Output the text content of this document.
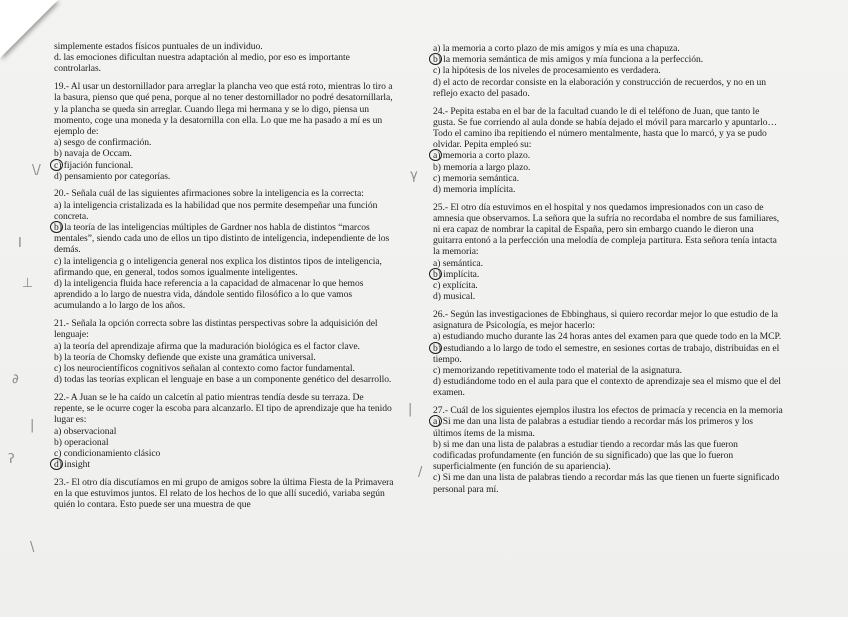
simplemente estados físicos puntuales de un individuo.

d. las emociones dificultan nuestra adaptación al medio, por eso es importante controlarlas.

19.- Al usar un destornillador para arreglar la plancha veo que está roto, mientras lo tiro a la basura, pienso que qué pena, porque al no tener destornillador no podré desatornillarla, y la plancha se queda sin arreglar. Cuando llega mi hermana y se lo digo, piensa un momento, coge una moneda y la desatornilla con ella. Lo que me ha pasado a mí es un ejemplo de:

a) sesgo de confirmación.
b) navaja de Occam.
c) fijación funcional.
d) pensamiento por categorías.

20.- Señala cuál de las siguientes afirmaciones sobre la inteligencia es la correcta:

a) la inteligencia cristalizada es la habilidad que nos permite desempeñar una función concreta.
b) la teoría de las inteligencias múltiples de Gardner nos habla de distintos “marcos mentales”, siendo cada uno de ellos un tipo distinto de inteligencia, independiente de los demás.
c) la inteligencia g o inteligencia general nos explica los distintos tipos de inteligencia, afirmando que, en general, todos somos igualmente inteligentes.
d) la inteligencia fluida hace referencia a la capacidad de almacenar lo que hemos aprendido a lo largo de nuestra vida, dándole sentido filosófico a lo que vamos acumulando a lo largo de los años.

21.- Señala la opción correcta sobre las distintas perspectivas sobre la adquisición del lenguaje:

a) la teoría del aprendizaje afirma que la maduración biológica es el factor clave.
b) la teoría de Chomsky defiende que existe una gramática universal.
c) los neurocientíficos cognitivos señalan al contexto como factor fundamental.
d) todas las teorías explican el lenguaje en base a un componente genético del desarrollo.

22.- A Juan se le ha caído un calcetín al patio mientras tendía desde su terraza. De repente, se le ocurre coger la escoba para alcanzarlo. El tipo de aprendizaje que ha tenido lugar es:

a) observacional
b) operacional
c) condicionamiento clásico
d) insight

23.- El otro día discutíamos en mi grupo de amigos sobre la última Fiesta de la Primavera en la que estuvimos juntos. El relato de los hechos de lo que allí sucedió, variaba según quién lo contara. Esto puede ser una muestra de que

a) la memoria a corto plazo de mis amigos y mía es una chapuza.
b) la memoria semántica de mis amigos y mía funciona a la perfección.
c) la hipótesis de los niveles de procesamiento es verdadera.
d) el acto de recordar consiste en la elaboración y construcción de recuerdos, y no en un reflejo exacto del pasado.

24.- Pepita estaba en el bar de la facultad cuando le di el teléfono de Juan, que tanto le gusta. Se fue corriendo al aula donde se había dejado el móvil para marcarlo y apuntarlo… Todo el camino iba repitiendo el número mentalmente, hasta que lo marcó, y ya se pudo olvidar. Pepita empleó su:

a) memoria a corto plazo.
b) memoria a largo plazo.
c) memoria semántica.
d) memoria implícita.

25.- El otro día estuvimos en el hospital y nos quedamos impresionados con un caso de amnesia que observamos. La señora que la sufría no recordaba el nombre de sus familiares, ni era capaz de nombrar la capital de España, pero sin embargo cuando le dieron una guitarra entonó a la perfección una melodía de compleja partitura. Esta señora tenía intacta la memoria:

a) semántica.
b) implícita.
c) explícita.
d) musical.

26.- Según las investigaciones de Ebbinghaus, si quiero recordar mejor lo que estudio de la asignatura de Psicología, es mejor hacerlo:

a) estudiando mucho durante las 24 horas antes del examen para que quede todo en la MCP.
b) estudiando a lo largo de todo el semestre, en sesiones cortas de trabajo, distribuidas en el tiempo.
c) memorizando repetitivamente todo el material de la asignatura.
d) estudiándome todo en el aula para que el contexto de aprendizaje sea el mismo que el del examen.

27.- Cuál de los siguientes ejemplos ilustra los efectos de primacía y recencia en la memoria

a) Si me dan una lista de palabras a estudiar tiendo a recordar más los primeros y los últimos ítems de la misma.
b) si me dan una lista de palabras a estudiar tiendo a recordar más las que fueron codificadas profundamente (en función de su significado) que las que lo fueron superficialmente (en función de su apariencia).
c) Si me dan una lista de palabras tiendo a recordar más las que tienen un fuerte significado personal para mí.
\/
Ι
⊥
∂
|
ʔ
\
γ
|
/
